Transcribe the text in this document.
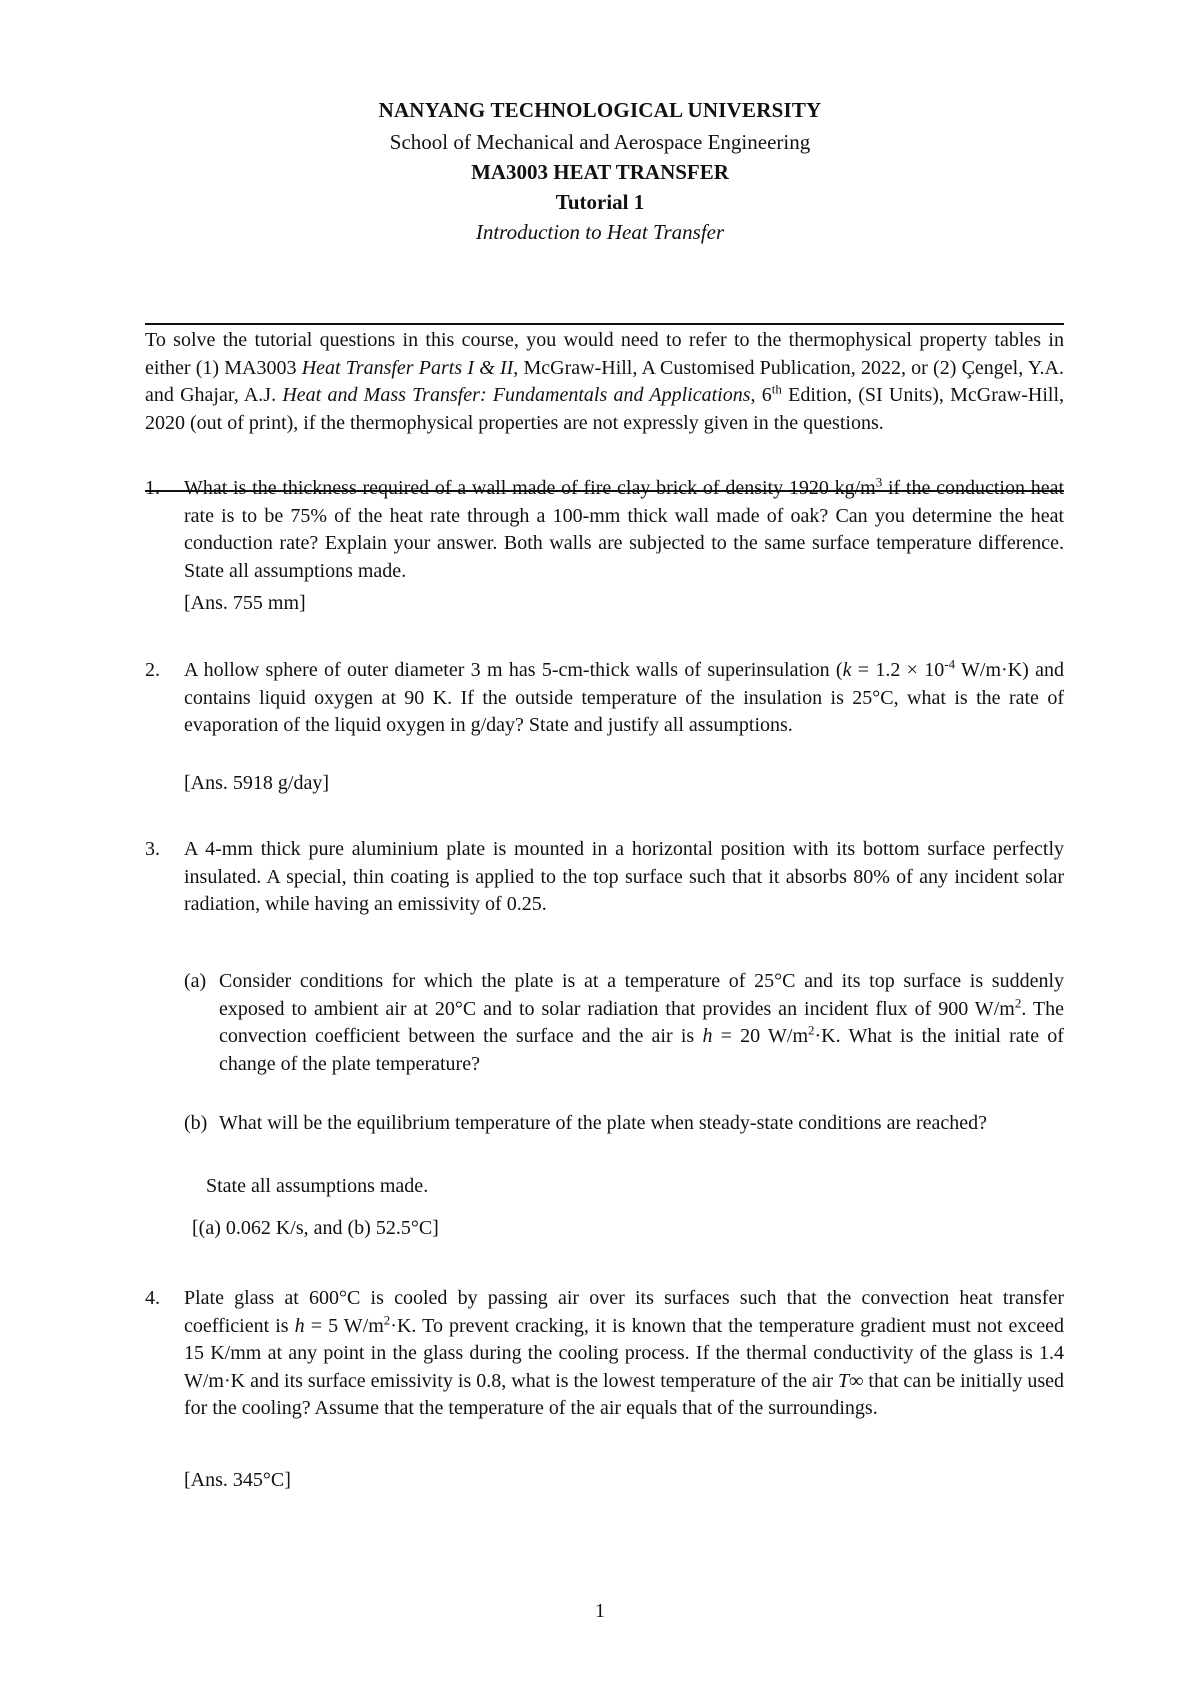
NANYANG TECHNOLOGICAL UNIVERSITY
School of Mechanical and Aerospace Engineering
MA3003 HEAT TRANSFER
Tutorial 1
Introduction to Heat Transfer
To solve the tutorial questions in this course, you would need to refer to the thermophysical property tables in either (1) MA3003 Heat Transfer Parts I & II, McGraw-Hill, A Customised Publication, 2022, or (2) Çengel, Y.A. and Ghajar, A.J. Heat and Mass Transfer: Fundamentals and Applications, 6th Edition, (SI Units), McGraw-Hill, 2020 (out of print), if the thermophysical properties are not expressly given in the questions.
1. What is the thickness required of a wall made of fire clay brick of density 1920 $kg/m^3$ if the conduction heat rate is to be 75% of the heat rate through a 100-mm thick wall made of oak? Can you determine the heat conduction rate? Explain your answer. Both walls are subjected to the same surface temperature difference. State all assumptions made.
[Ans. 755 mm]
2. A hollow sphere of outer diameter 3 m has 5-cm-thick walls of superinsulation ($k = 1.2 \times 10^{-4}$ W/m·K) and contains liquid oxygen at 90 K. If the outside temperature of the insulation is 25°C, what is the rate of evaporation of the liquid oxygen in g/day? State and justify all assumptions.
[Ans. 5918 g/day]
3. A 4-mm thick pure aluminium plate is mounted in a horizontal position with its bottom surface perfectly insulated. A special, thin coating is applied to the top surface such that it absorbs 80% of any incident solar radiation, while having an emissivity of 0.25.
(a) Consider conditions for which the plate is at a temperature of 25°C and its top surface is suddenly exposed to ambient air at 20°C and to solar radiation that provides an incident flux of 900 $W/m^2$. The convection coefficient between the surface and the air is h = 20 $W/m^2\cdot K$. What is the initial rate of change of the plate temperature?
(b) What will be the equilibrium temperature of the plate when steady-state conditions are reached?
State all assumptions made.
[(a) 0.062 K/s, and (b) 52.5°C]
4. Plate glass at 600°C is cooled by passing air over its surfaces such that the convection heat transfer coefficient is h = 5 $W/m^2\cdot K$. To prevent cracking, it is known that the temperature gradient must not exceed 15 K/mm at any point in the glass during the cooling process. If the thermal conductivity of the glass is 1.4 W/m·K and its surface emissivity is 0.8, what is the lowest temperature of the air T∞ that can be initially used for the cooling? Assume that the temperature of the air equals that of the surroundings.
[Ans. 345°C]
1
